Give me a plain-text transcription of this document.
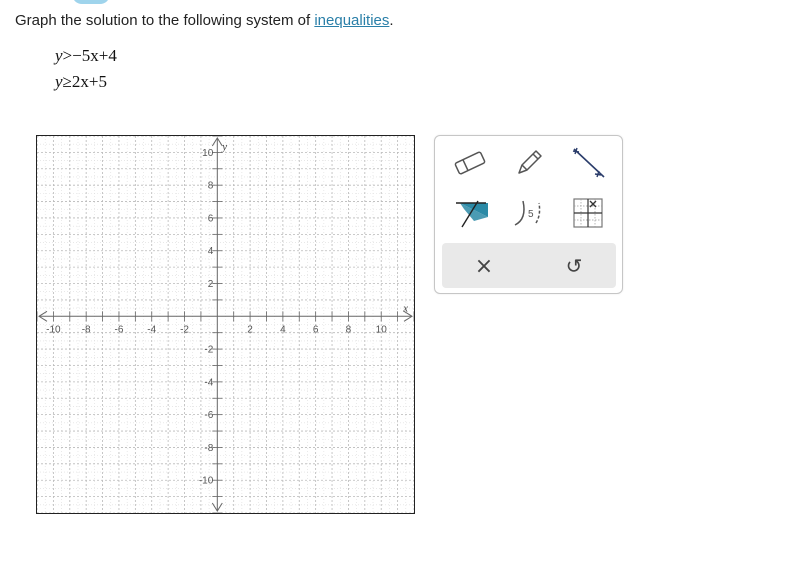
Graph the solution to the following system of inequalities.
y>−5x+4
y≥2x+5
-10 -8 -6 -4 -2	2	4	6	8 10
10
8
6
4
2
-2
-4
-6
-8
-10
x
y
5
×	↺
